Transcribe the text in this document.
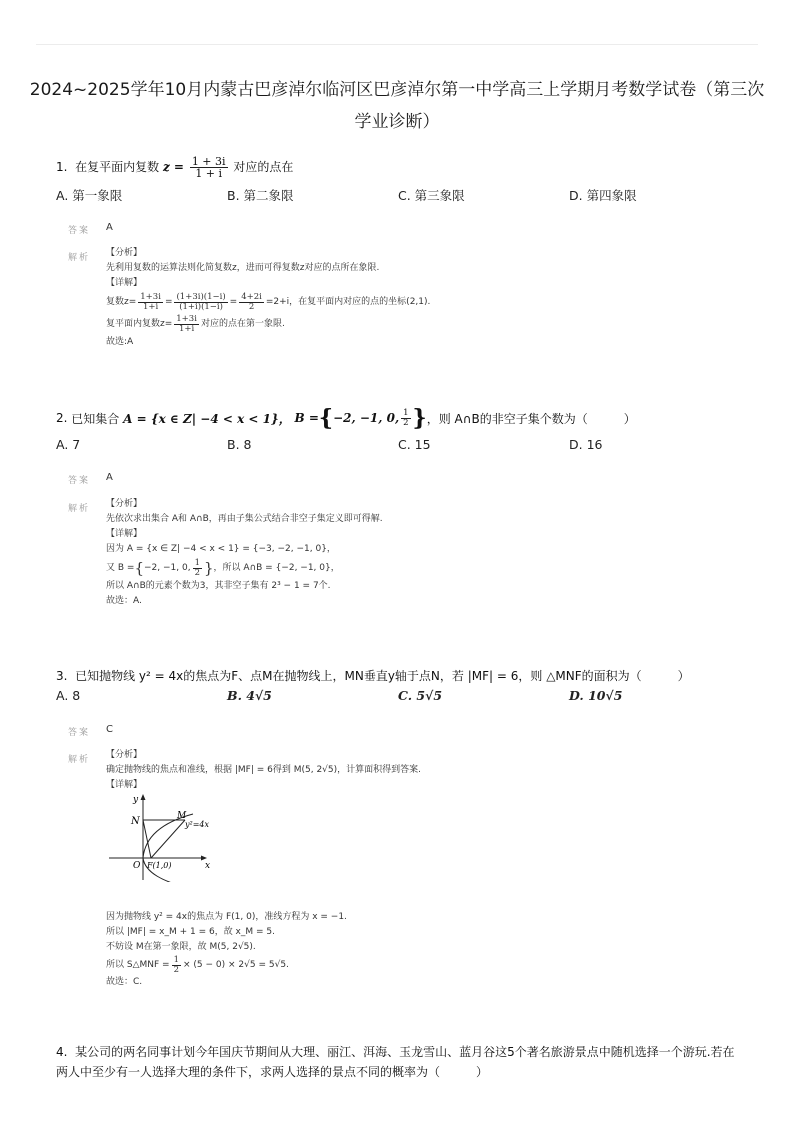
2024~2025学年10月内蒙古巴彦淖尔临河区巴彦淖尔第一中学高三上学期月考数学试卷（第三次学业诊断）
1. 在复平面内复数 $z = \frac{1 + 3i}{1 + i}$ 对应的点在
A. 第一象限	B. 第二象限	C. 第三象限	D. 第四象限
答案 A
解析 【分析】
先利用复数的运算法则化简复数z，进而可得复数z对应的点所在象限.
【详解】
复数$z= \frac{1+3i}{1+i} = \frac{(1+3i)(1-i)}{(1+i)(1-i)} = \frac{4+2i}{2} =2+i$，在复平面内对应的点的坐标(2,1).
复平面内复数$z= \frac{1+3i}{1+i}$ 对应的点在第一象限.
故选:A
2.
已知集合
A = {x ∈ Z| −4 < x < 1}，
B = { −2, −1, 0, $\frac{1}{2}$ } ，则 A∩B的非空子集个数为（　　　）
A. 7	B. 8	C. 15	D. 16
答案 A
解析 【分析】
先依次求出集合 A和 A∩B，再由子集公式结合非空子集定义即可得解.
【详解】
因为 A = {x ∈ Z| −4 < x < 1} = {−3, −2, −1, 0}，
又 B = { −2, −1, 0, $\frac{1}{2}$ } ，所以 A∩B = {−2, −1, 0}，
所以 A∩B的元素个数为3，其非空子集有 2³ − 1 = 7个.
故选：A.
3. 已知抛物线 y² = 4x的焦点为F、点M在抛物线上，MN垂直y轴于点N，若 |MF| = 6，则 △MNF的面积为（　　　）
A. 8	B. 4√5	C. 5√5	D. 10√5
答案 C
解析 【分析】
确定抛物线的焦点和准线，根据 |MF| = 6得到 M(5, 2√5)，计算面积得到答案.
【详解】
y
x
N	M
y²=4x
O F(1,0)
因为抛物线 y² = 4x的焦点为 F(1, 0)，准线方程为 x = −1.
所以 |MF| = x_M + 1 = 6，故 x_M = 5.
不妨设 M在第一象限，故 M(5, 2√5).
所以 S△MNF = $\frac{1}{2} \times (5 - 0) \times 2√5 = 5√5$.
故选：C.
4. 某公司的两名同事计划今年国庆节期间从大理、丽江、洱海、玉龙雪山、蓝月谷这5个著名旅游景点中随机选择一个游玩.若在
两人中至少有一人选择大理的条件下，求两人选择的景点不同的概率为（　　　）
